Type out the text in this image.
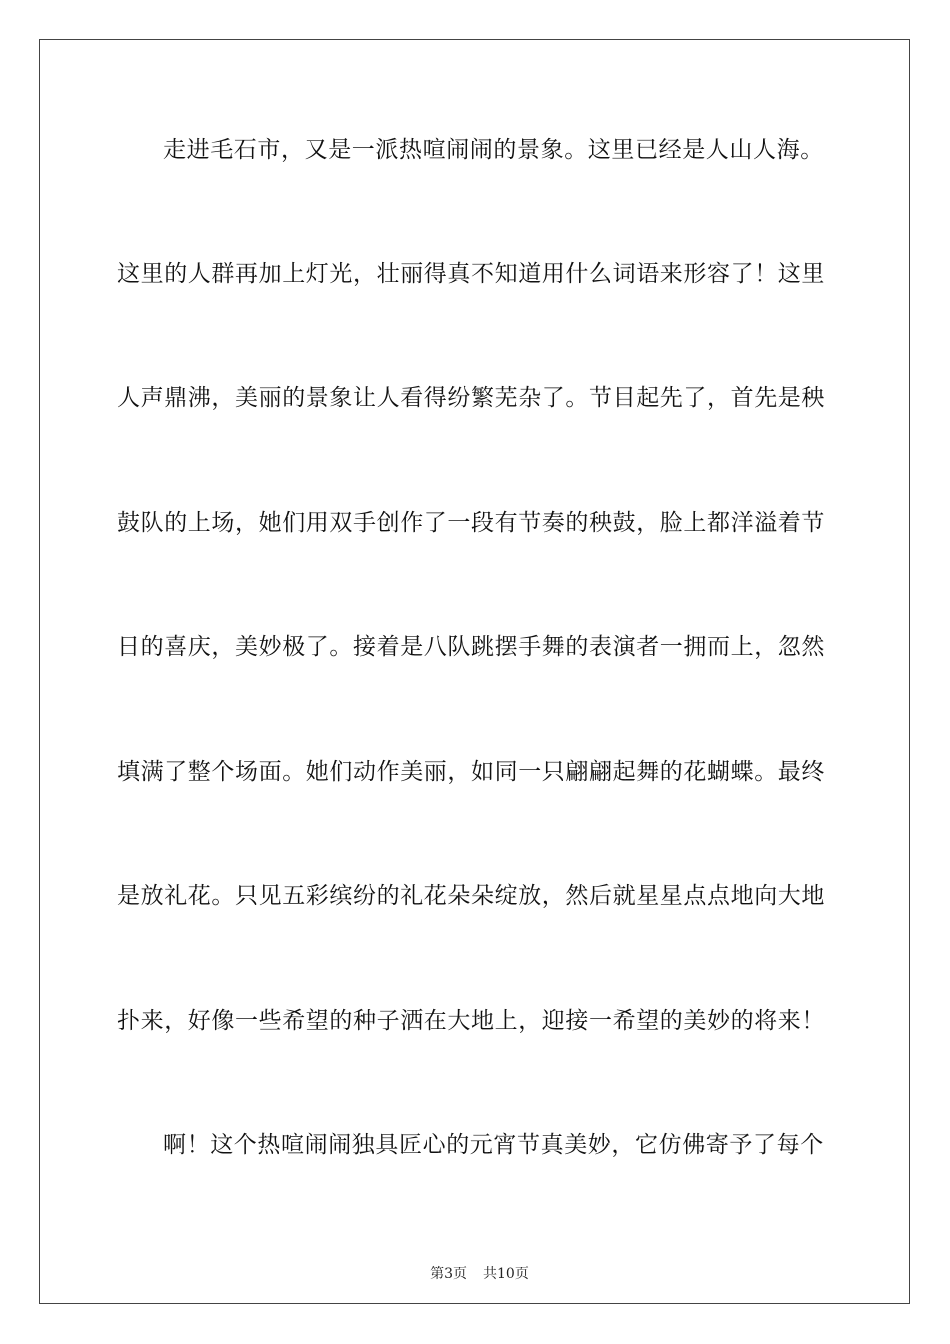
走进毛石市，又是一派热喧闹闹的景象。这里已经是人山人海。
这里的人群再加上灯光，壮丽得真不知道用什么词语来形容了！这里
人声鼎沸，美丽的景象让人看得纷繁芜杂了。节目起先了，首先是秧
鼓队的上场，她们用双手创作了一段有节奏的秧鼓，脸上都洋溢着节
日的喜庆，美妙极了。接着是八队跳摆手舞的表演者一拥而上，忽然
填满了整个场面。她们动作美丽，如同一只翩翩起舞的花蝴蝶。最终
是放礼花。只见五彩缤纷的礼花朵朵绽放，然后就星星点点地向大地
扑来，好像一些希望的种子洒在大地上，迎接一希望的美妙的将来！
啊！这个热喧闹闹独具匠心的元宵节真美妙，它仿佛寄予了每个

第3页 共10页
